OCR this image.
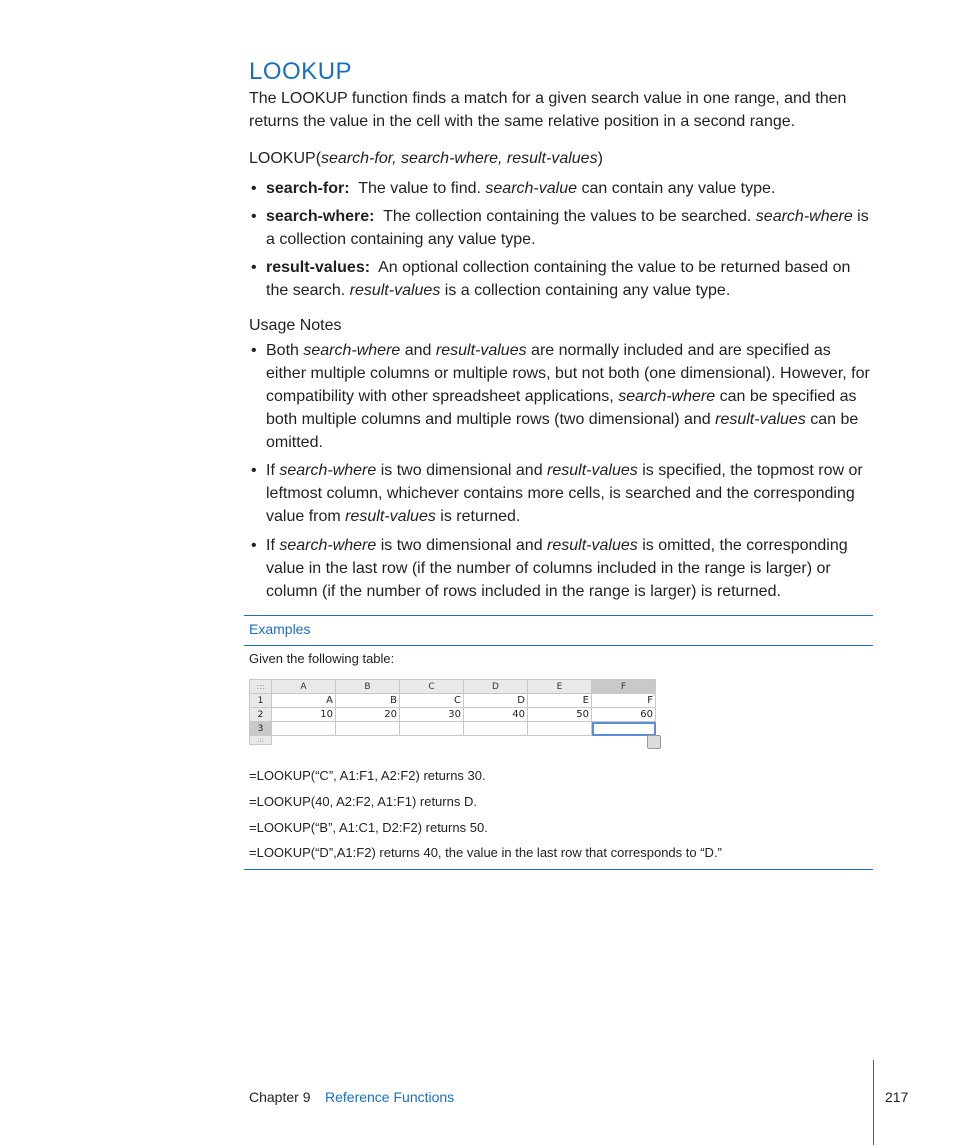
LOOKUP
The LOOKUP function finds a match for a given search value in one range, and then returns the value in the cell with the same relative position in a second range.
LOOKUP(search-for, search-where, result-values)
• search-for: The value to find. search-value can contain any value type.
• search-where: The collection containing the values to be searched. search-where is a collection containing any value type.
• result-values: An optional collection containing the value to be returned based on the search. result-values is a collection containing any value type.
Usage Notes
• Both search-where and result-values are normally included and are specified as either multiple columns or multiple rows, but not both (one dimensional). However, for compatibility with other spreadsheet applications, search-where can be specified as both multiple columns and multiple rows (two dimensional) and result-values can be omitted.
• If search-where is two dimensional and result-values is specified, the topmost row or leftmost column, whichever contains more cells, is searched and the corresponding value from result-values is returned.
• If search-where is two dimensional and result-values is omitted, the corresponding value in the last row (if the number of columns included in the range is larger) or column (if the number of rows included in the range is larger) is returned.
Examples
Given the following table:
:::	A	B	C	D	E	F
1	A	B	C	D	E	F
2	10	20	30	40	50	60
3						
:::						
=LOOKUP(“C”, A1:F1, A2:F2) returns 30.
=LOOKUP(40, A2:F2, A1:F1) returns D.
=LOOKUP(“B”, A1:C1, D2:F2) returns 50.
=LOOKUP(“D”,A1:F2) returns 40, the value in the last row that corresponds to “D.”
Chapter 9 Reference Functions	217
